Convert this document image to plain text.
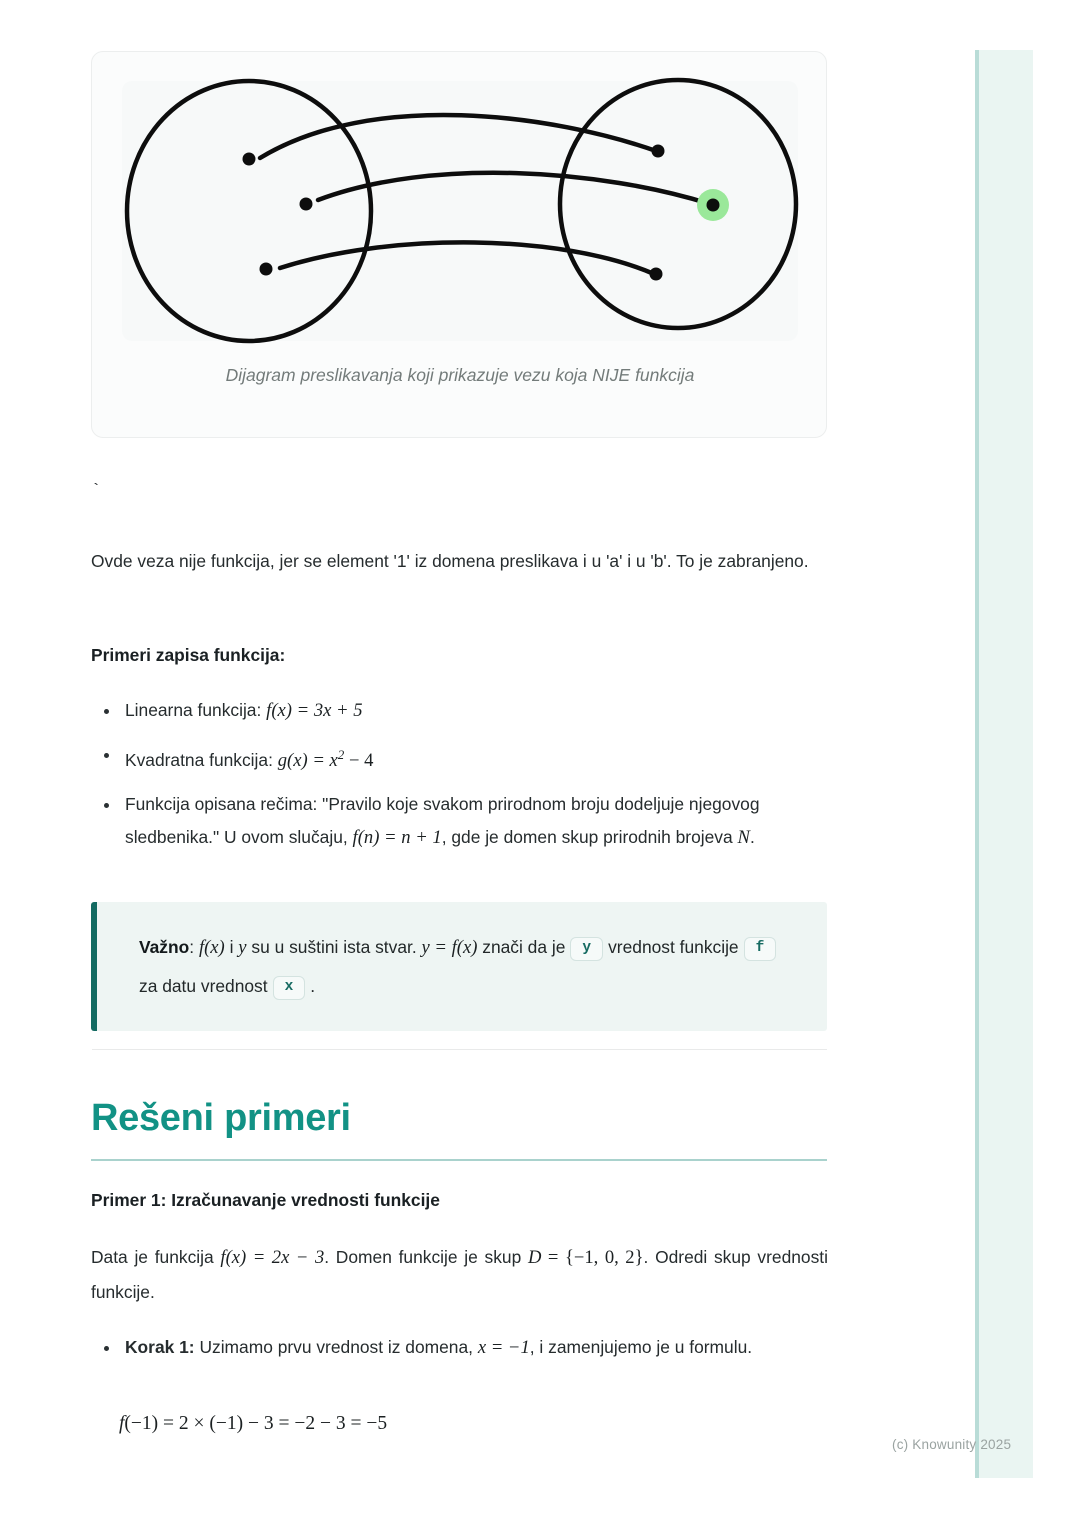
Dijagram preslikavanja koji prikazuje vezu koja NIJE funkcija
`
Ovde veza nije funkcija, jer se element '1' iz domena preslikava i u 'a' i u 'b'. To je zabranjeno.
Primeri zapisa funkcija:
Linearna funkcija: f(x) = 3x + 5
Kvadratna funkcija: $g(x) = x^2 - 4$
Funkcija opisana rečima: "Pravilo koje svakom prirodnom broju dodeljuje njegovog sledbenika." U ovom slučaju, f(n) = n + 1, gde je domen skup prirodnih brojeva N.

Važno: f(x) i y su u suštini ista stvar. y = f(x) znači da je y vrednost funkcije fza datu vrednost x .

Rešeni primeri
Primer 1: Izračunavanje vrednosti funkcije
Data je funkcija f(x) = 2x − 3. Domen funkcije je skup D = {−1, 0, 2}. Odredi skup vrednosti funkcije.
Korak 1: Uzimamo prvu vrednost iz domena, x = −1, i zamenjujemo je u formulu.
f(−1) = 2 × (−1) − 3 = −2 − 3 = −5
(c) Knowunity 2025
